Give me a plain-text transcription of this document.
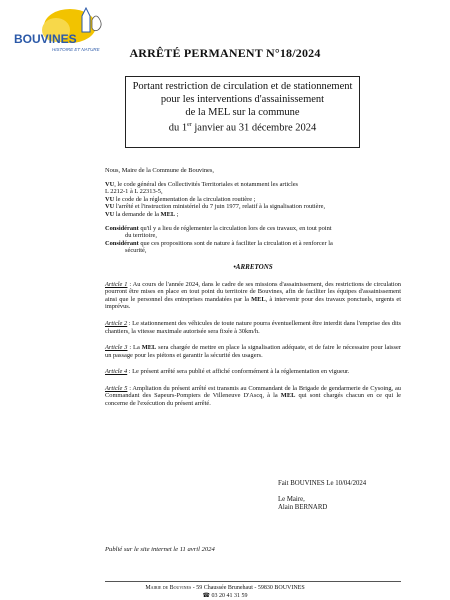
BOUVINES
HISTOIRE ET NATURE	ARRÊTÉ PERMANENT N°18/2024
Portant restriction de circulation et de stationnement
pour les interventions d'assainissement
de la MEL sur la commune
du 1er janvier au 31 décembre 2024

Nous, Maire de la Commune de Bouvines,

VU, le code général des Collectivités Territoriales et notamment les articles

L 2212-1 à L 22313-5,

VU le code de la réglementation de la circulation routière ;

VU l'arrêté et l'instruction ministériel du 7 juin 1977, relatif à la signalisation routière,

VU la demande de la MEL ;

Considérant qu'il y a lieu de réglementer la circulation lors de ces travaux, en tout point

du territoire,

Considérant que ces propositions sont de nature à faciliter la circulation et à renforcer la

sécurité,

•ARRETONS

Article 1 : Au cours de l'année 2024, dans le cadre de ses missions d'assainissement, des restrictions de circulation pourront être mises en place en tout point du territoire de Bouvines, afin de faciliter les équipes d'assainissement ainsi que le personnel des entreprises mandatées par la MEL, à intervenir pour des travaux ponctuels, urgents et imprévus.

Article 2 : Le stationnement des véhicules de toute nature pourra éventuellement être interdit dans l'emprise des dits chantiers, la vitesse maximale autorisée sera fixée à 30km/h.

Article 3 : La MEL sera chargée de mettre en place la signalisation adéquate, et de faire le nécessaire pour laisser un passage pour les piétons et garantir la sécurité des usagers.

Article 4 : Le présent arrêté sera publié et affiché conformément à la réglementation en vigueur.

Article 5 : Ampliation du présent arrêté est transmis au Commandant de la Brigade de gendarmerie de Cysoing, au Commandant des Sapeurs-Pompiers de Villeneuve D'Ascq, à la MEL qui sont chargés chacun en ce qui le concerne de l'exécution du présent arrêté.

Fait BOUVINES Le 10/04/2024

Le Maire,

Alain BERNARD

Publié sur le site internet le 11 avril 2024
Mairie de Bouvines - 59 Chaussée Brunehaut - 59830 BOUVINES
☎ 03 20 41 31 59
